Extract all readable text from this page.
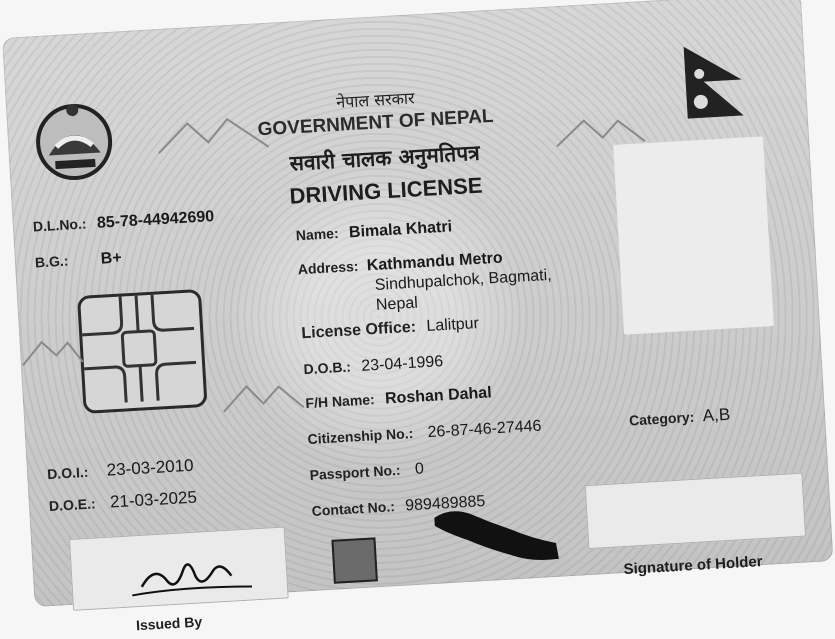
नेपाल सरकार
GOVERNMENT OF NEPAL
सवारी चालक अनुमतिपत्र
DRIVING LICENSE
D.L.No.: 85-78-44942690
B.G.: B+
D.O.I.: 23-03-2010
D.O.E.: 21-03-2025
Issued By
Name: Bimala Khatri
Address: Kathmandu Metro
Sindhupalchok, Bagmati,
Nepal
License Office: Lalitpur
D.O.B.: 23-04-1996
F/H Name: Roshan Dahal
Citizenship No.: 26-87-46-27446
Passport No.: 0
Contact No.: 989489885
Category: A,B
Signature of Holder
